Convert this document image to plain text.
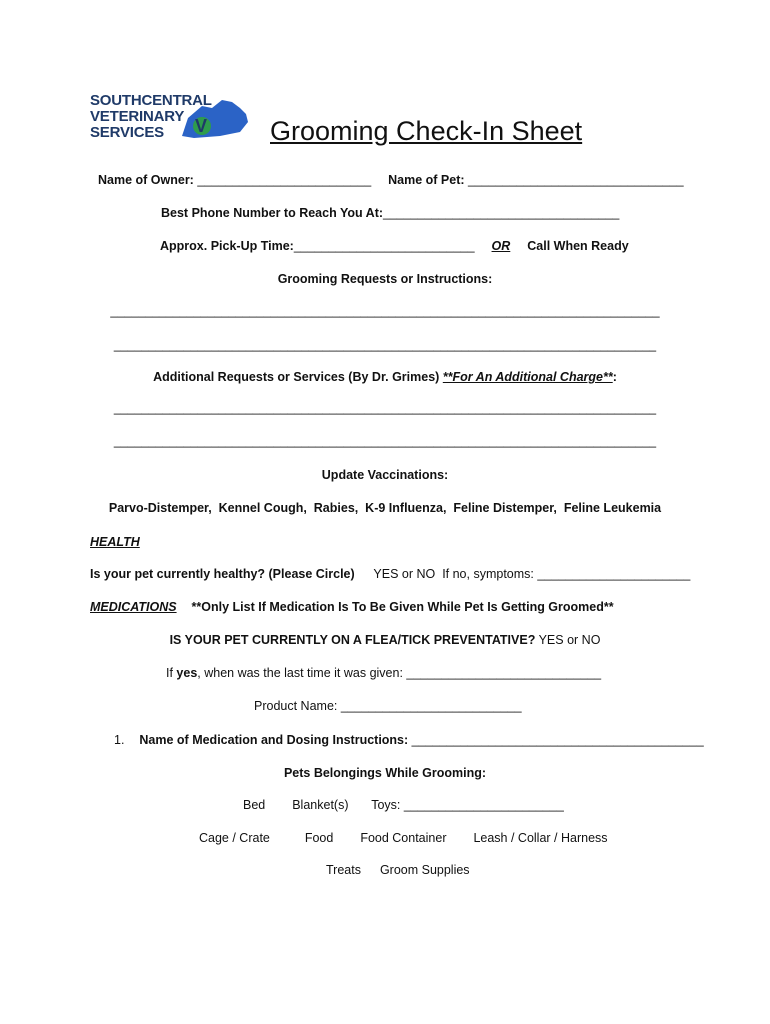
SOUTHCENTRAL
VETERINARY
SERVICES V Grooming Check-In Sheet
Name of Owner: _________________________ Name of Pet: _______________________________
Best Phone Number to Reach You At:__________________________________
Approx. Pick-Up Time:__________________________ OR Call When Ready
Grooming Requests or Instructions:
_______________________________________________________________________________
______________________________________________________________________________
Additional Requests or Services (By Dr. Grimes) **For An Additional Charge**:
______________________________________________________________________________
______________________________________________________________________________
Update Vaccinations:
Parvo-Distemper,  Kennel Cough,  Rabies,  K-9 Influenza,  Feline Distemper,  Feline Leukemia
HEALTH
Is your pet currently healthy? (Please Circle) YES or NO  If no, symptoms: ______________________
MEDICATIONS **Only List If Medication Is To Be Given While Pet Is Getting Groomed**
IS YOUR PET CURRENTLY ON A FLEA/TICK PREVENTATIVE? YES or NO
If yes, when was the last time it was given: ____________________________
Product Name: __________________________
1. Name of Medication and Dosing Instructions: __________________________________________
Pets Belongings While Grooming:
Bed Blanket(s) Toys: _______________________
Cage / Crate	Food Food Container Leash / Collar / Harness
Treats Groom Supplies
